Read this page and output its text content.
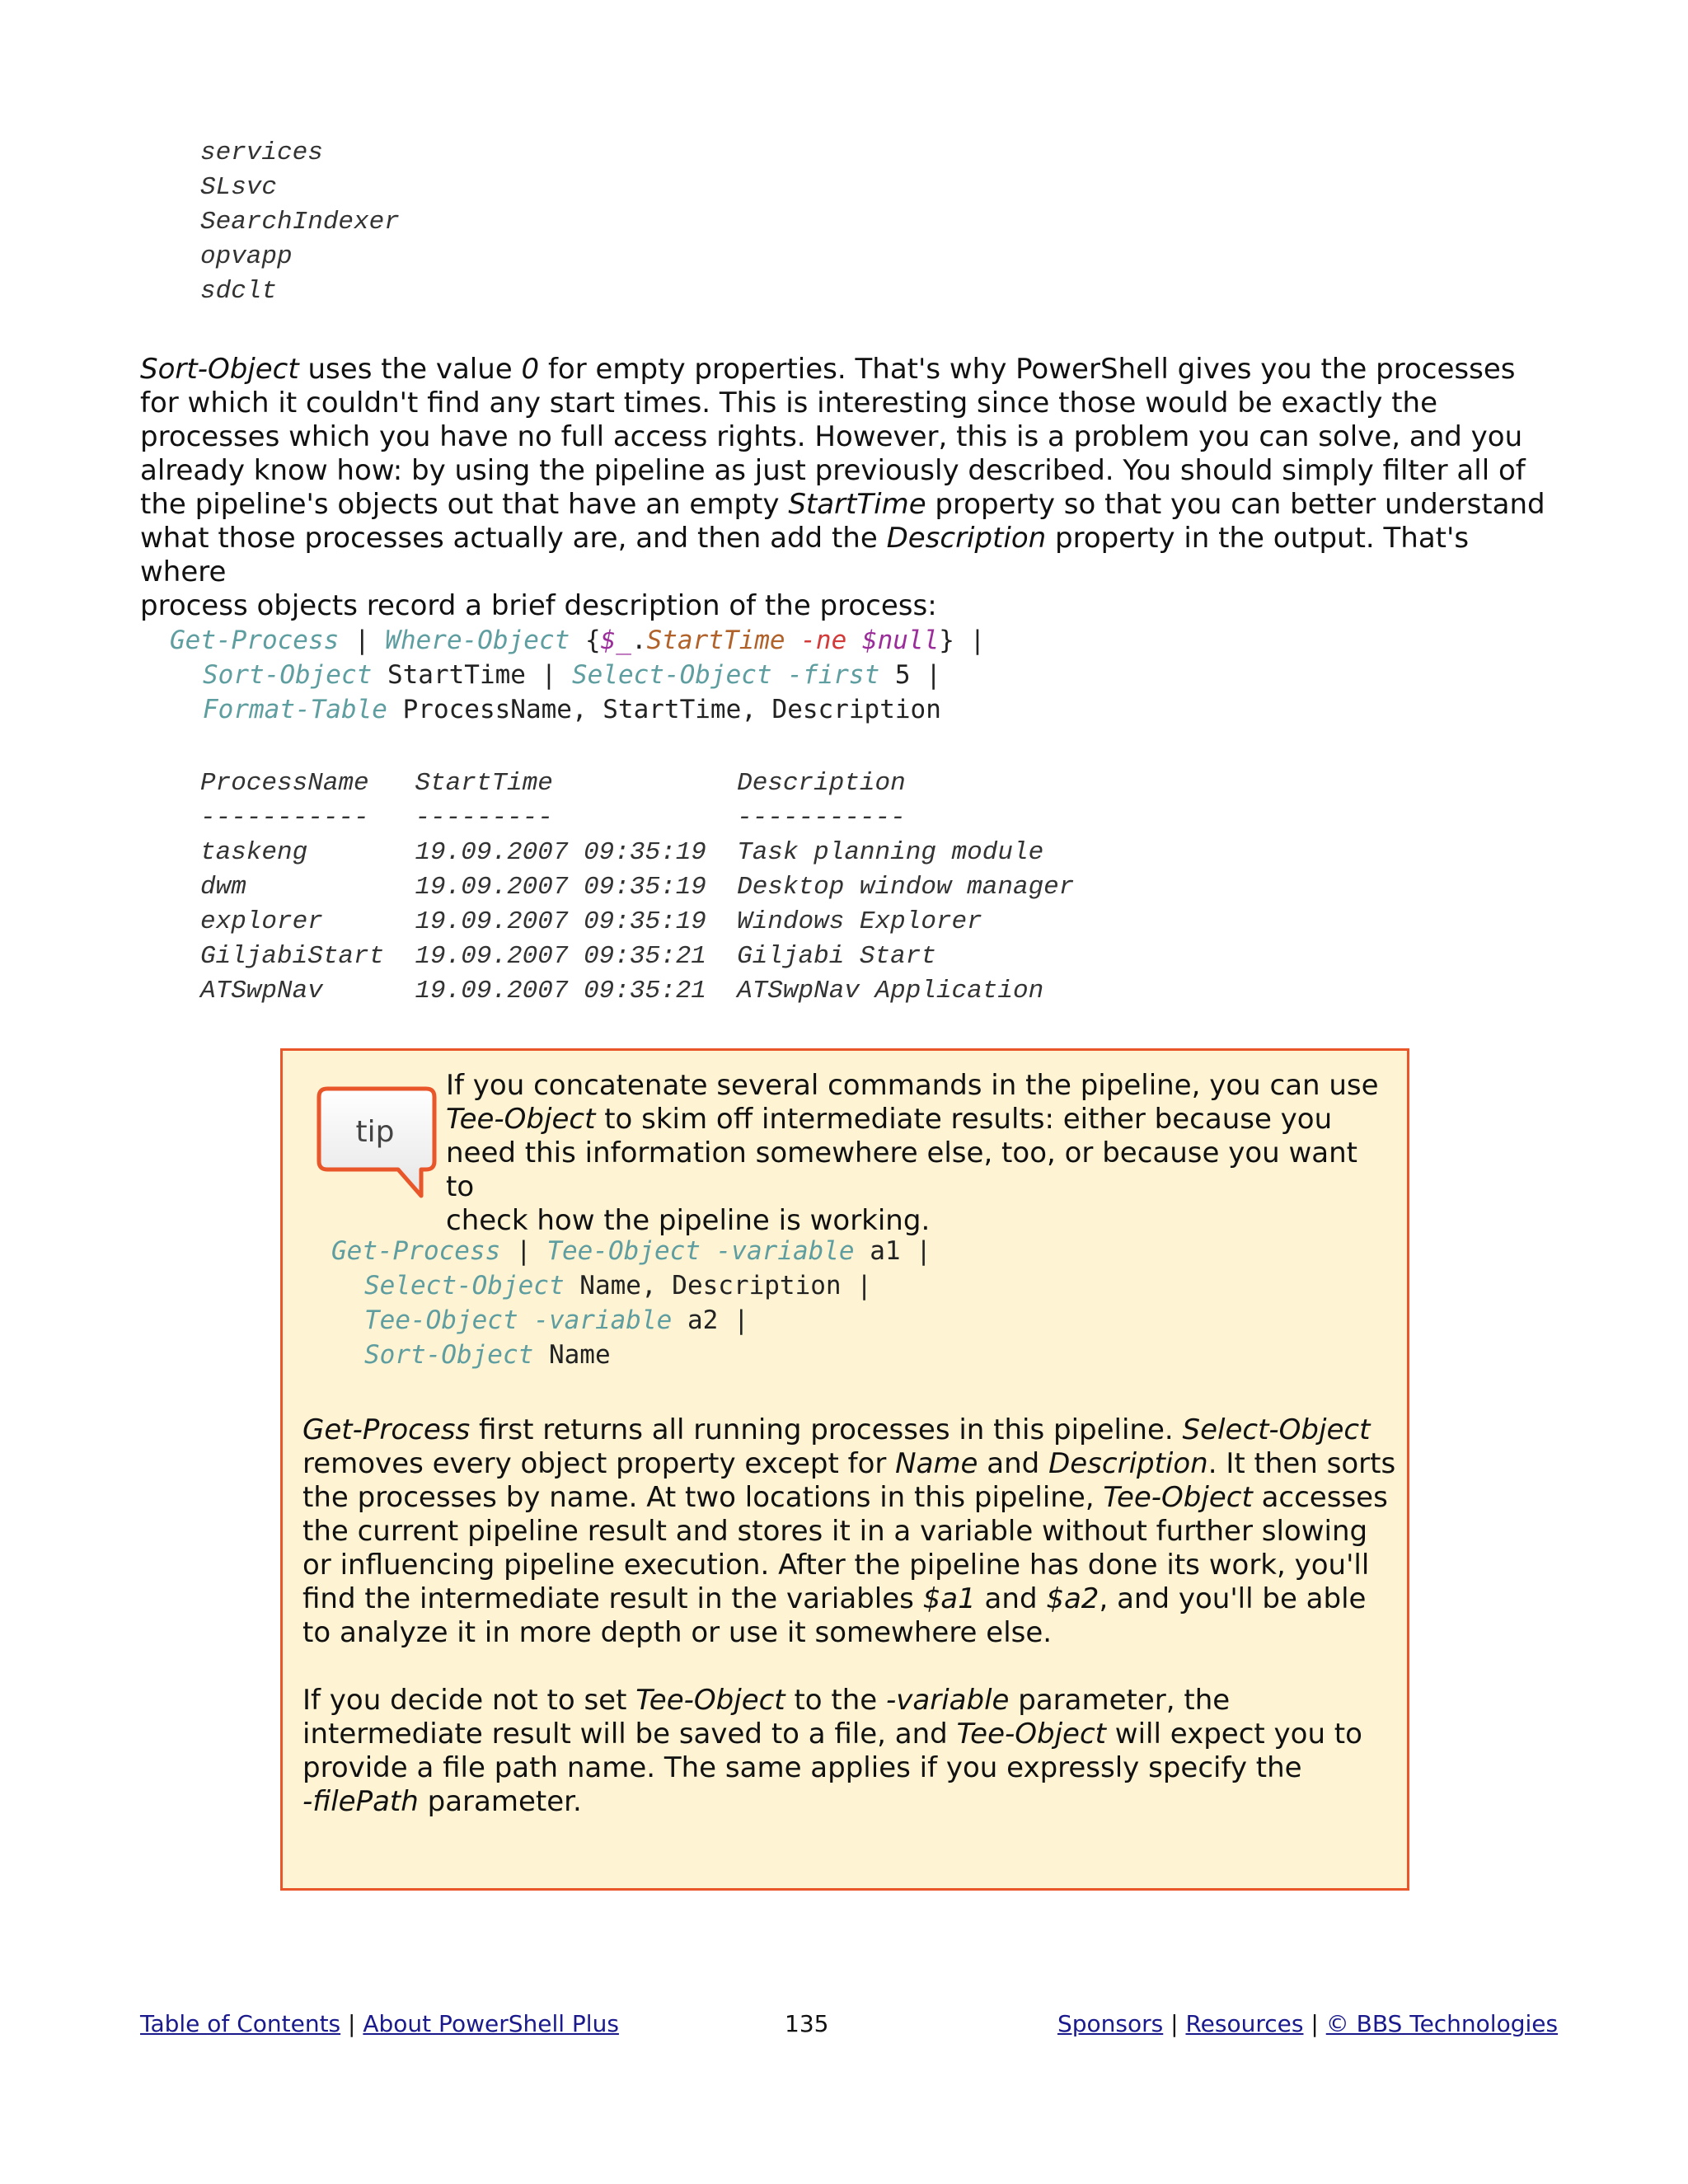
services
SLsvc
SearchIndexer
opvapp
sdclt
Sort-Object uses the value 0 for empty properties. That's why PowerShell gives you the processes
for which it couldn't find any start times. This is interesting since those would be exactly the
processes which you have no full access rights. However, this is a problem you can solve, and you
already know how: by using the pipeline as just previously described. You should simply filter all of
the pipeline's objects out that have an empty StartTime property so that you can better understand
what those processes actually are, and then add the Description property in the output. That's where
process objects record a brief description of the process:
Get-Process | Where-Object {$_.StartTime -ne $null} |
Sort-Object StartTime | Select-Object -first 5 |
Format-Table ProcessName, StartTime, Description
ProcessName   StartTime            Description
-----------   ---------            -----------
taskeng       19.09.2007 09:35:19  Task planning module
dwm           19.09.2007 09:35:19  Desktop window manager
explorer      19.09.2007 09:35:19  Windows Explorer
GiljabiStart  19.09.2007 09:35:21  Giljabi Start
ATSwpNav      19.09.2007 09:35:21  ATSwpNav Application
tip
If you concatenate several commands in the pipeline, you can use
Tee-Object to skim off intermediate results: either because you
need this information somewhere else, too, or because you want to
check how the pipeline is working.
Get-Process | Tee-Object -variable a1 |
Select-Object Name, Description |
Tee-Object -variable a2 |
Sort-Object Name
Get-Process first returns all running processes in this pipeline. Select-Object
removes every object property except for Name and Description. It then sorts
the processes by name. At two locations in this pipeline, Tee-Object accesses
the current pipeline result and stores it in a variable without further slowing
or influencing pipeline execution. After the pipeline has done its work, you'll
find the intermediate result in the variables $a1 and $a2, and you'll be able
to analyze it in more depth or use it somewhere else.
If you decide not to set Tee-Object to the -variable parameter, the
intermediate result will be saved to a file, and Tee-Object will expect you to
provide a file path name. The same applies if you expressly specify the
-filePath parameter.
Table of Contents | About PowerShell Plus	135	Sponsors | Resources | © BBS Technologies
